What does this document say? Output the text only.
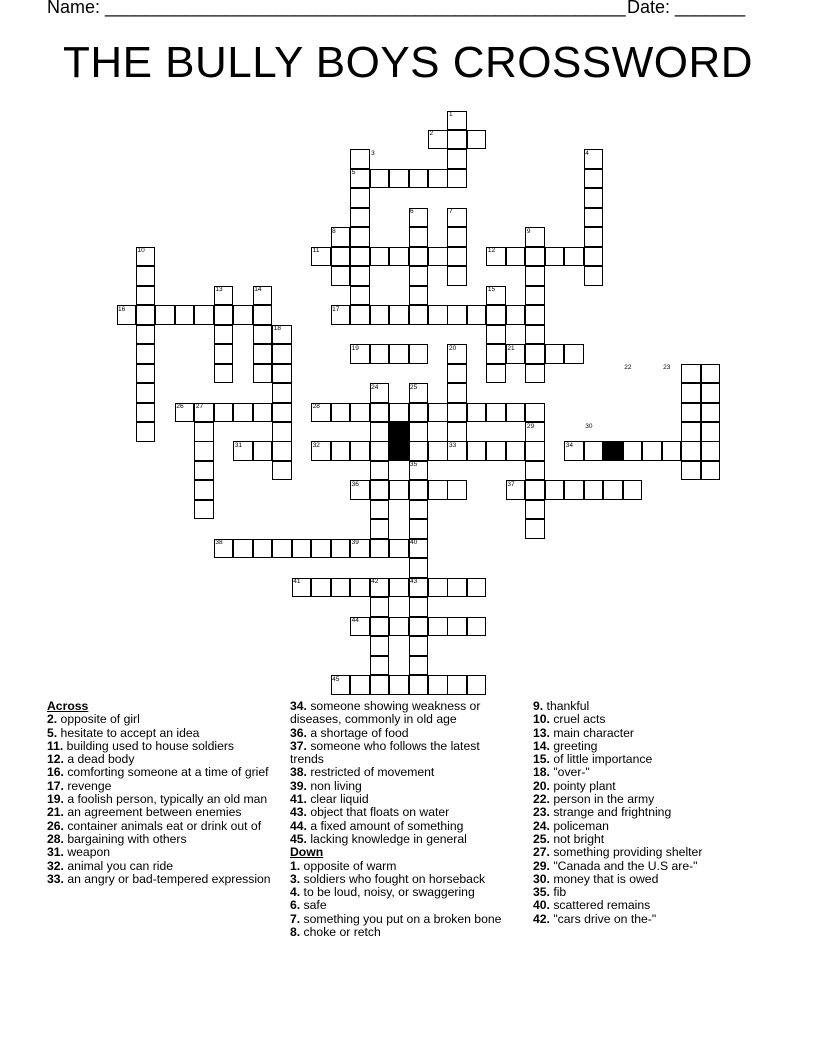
Name: ____________________________________________________ Date: _______
THE BULLY BOYS CROSSWORD
1
2
3	4
5
6	7
8	9
10	11	12
13	14	15
16	17
18
19	20	21
22	23
24	25
26 27	28
29	30
31	32	33	34
35
36	37
38	39	40
41	42	43
44
45
Across
2. opposite of girl
5. hesitate to accept an idea
11. building used to house soldiers
12. a dead body
16. comforting someone at a time of grief
17. revenge
19. a foolish person, typically an old man
21. an agreement between enemies
26. container animals eat or drink out of
28. bargaining with others
31. weapon
32. animal you can ride
33. an angry or bad-tempered expression
34. someone showing weakness or diseases, commonly in old age
36. a shortage of food
37. someone who follows the latest trends
38. restricted of movement
39. non living
41. clear liquid
43. object that floats on water
44. a fixed amount of something
45. lacking knowledge in general
Down
1. opposite of warm
3. soldiers who fought on horseback
4. to be loud, noisy, or swaggering
6. safe
7. something you put on a broken bone
8. choke or retch
9. thankful
10. cruel acts
13. main character
14. greeting
15. of little importance
18. "over-"
20. pointy plant
22. person in the army
23. strange and frightning
24. policeman
25. not bright
27. something providing shelter
29. "Canada and the U.S are-"
30. money that is owed
35. fib
40. scattered remains
42. "cars drive on the-"
